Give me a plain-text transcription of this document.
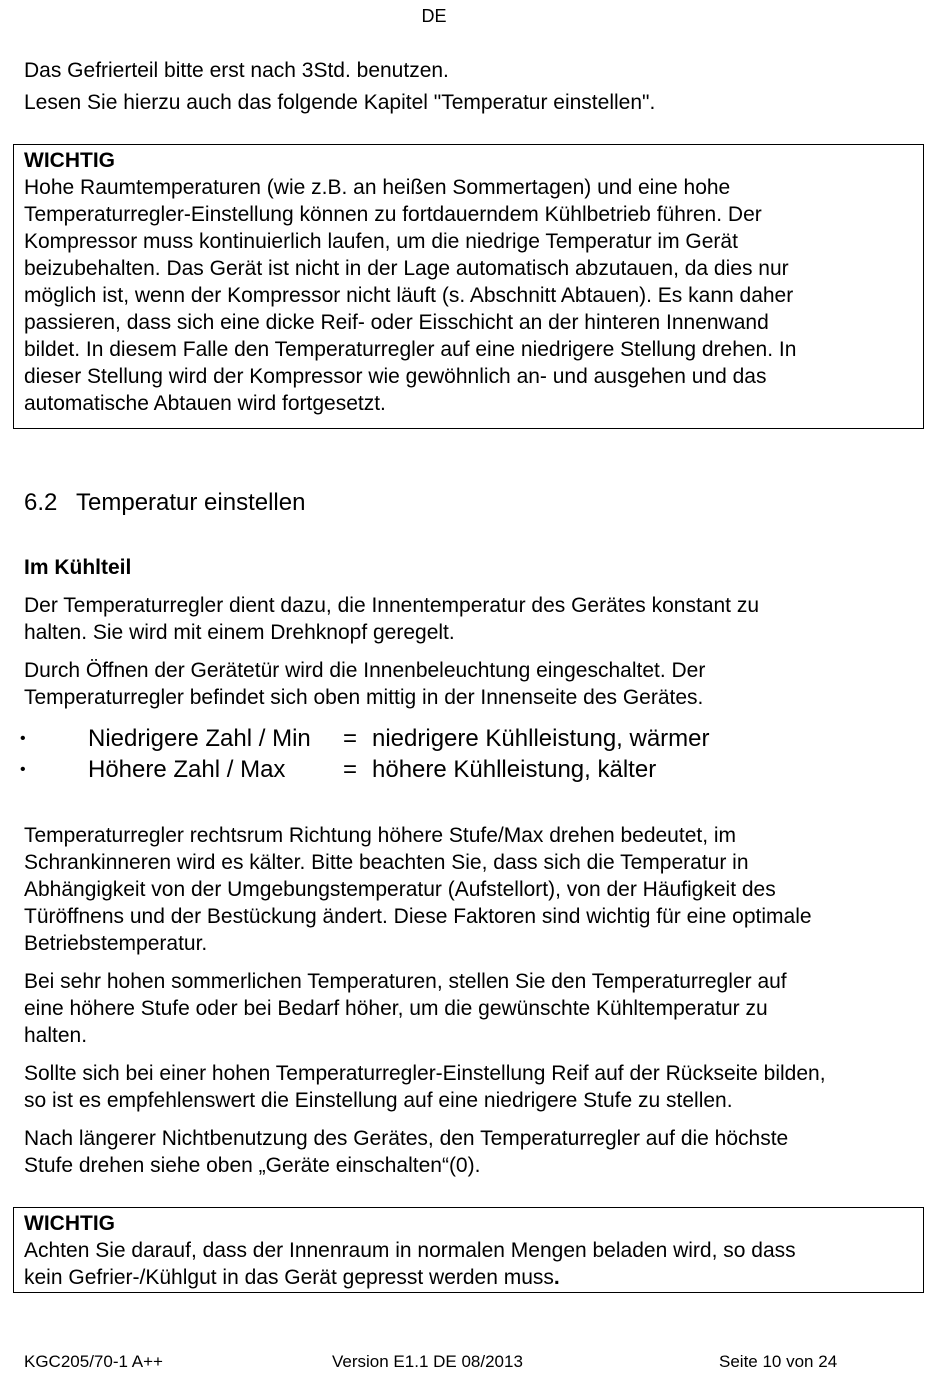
DE
Das Gefrierteil bitte erst nach 3Std. benutzen.
Lesen Sie hierzu auch das folgende Kapitel "Temperatur einstellen".

WICHTIG

Hohe Raumtemperaturen (wie z.B. an heißen Sommertagen) und eine hohe

Temperaturregler-Einstellung können zu fortdauerndem Kühlbetrieb führen. Der

Kompressor muss kontinuierlich laufen, um die niedrige Temperatur im Gerät

beizubehalten. Das Gerät ist nicht in der Lage automatisch abzutauen, da dies nur

möglich ist, wenn der Kompressor nicht läuft (s. Abschnitt Abtauen). Es kann daher

passieren, dass sich eine dicke Reif- oder Eisschicht an der hinteren Innenwand

bildet. In diesem Falle den Temperaturregler auf eine niedrigere Stellung drehen. In

dieser Stellung wird der Kompressor wie gewöhnlich an- und ausgehen und das

automatische Abtauen wird fortgesetzt.

6.2 Temperatur einstellen
Im Kühlteil
Der Temperaturregler dient dazu, die Innentemperatur des Gerätes konstant zu
halten. Sie wird mit einem Drehknopf geregelt.
Durch Öffnen der Gerätetür wird die Innenbeleuchtung eingeschaltet. Der
Temperaturregler befindet sich oben mittig in der Innenseite des Gerätes.
•	Niedrigere Zahl / Min = niedrigere Kühlleistung, wärmer
•	Höhere Zahl / Max = höhere Kühlleistung, kälter
Temperaturregler rechtsrum Richtung höhere Stufe/Max drehen bedeutet, im
Schrankinneren wird es kälter. Bitte beachten Sie, dass sich die Temperatur in
Abhängigkeit von der Umgebungstemperatur (Aufstellort), von der Häufigkeit des
Türöffnens und der Bestückung ändert. Diese Faktoren sind wichtig für eine optimale
Betriebstemperatur.
Bei sehr hohen sommerlichen Temperaturen, stellen Sie den Temperaturregler auf
eine höhere Stufe oder bei Bedarf höher, um die gewünschte Kühltemperatur zu
halten.
Sollte sich bei einer hohen Temperaturregler-Einstellung Reif auf der Rückseite bilden,
so ist es empfehlenswert die Einstellung auf eine niedrigere Stufe zu stellen.
Nach längerer Nichtbenutzung des Gerätes, den Temperaturregler auf die höchste
Stufe drehen siehe oben „Geräte einschalten“(0).

WICHTIG

Achten Sie darauf, dass der Innenraum in normalen Mengen beladen wird, so dass

kein Gefrier-/Kühlgut in das Gerät gepresst werden muss.

KGC205/70-1 A++	Version E1.1 DE 08/2013	Seite 10 von 24
